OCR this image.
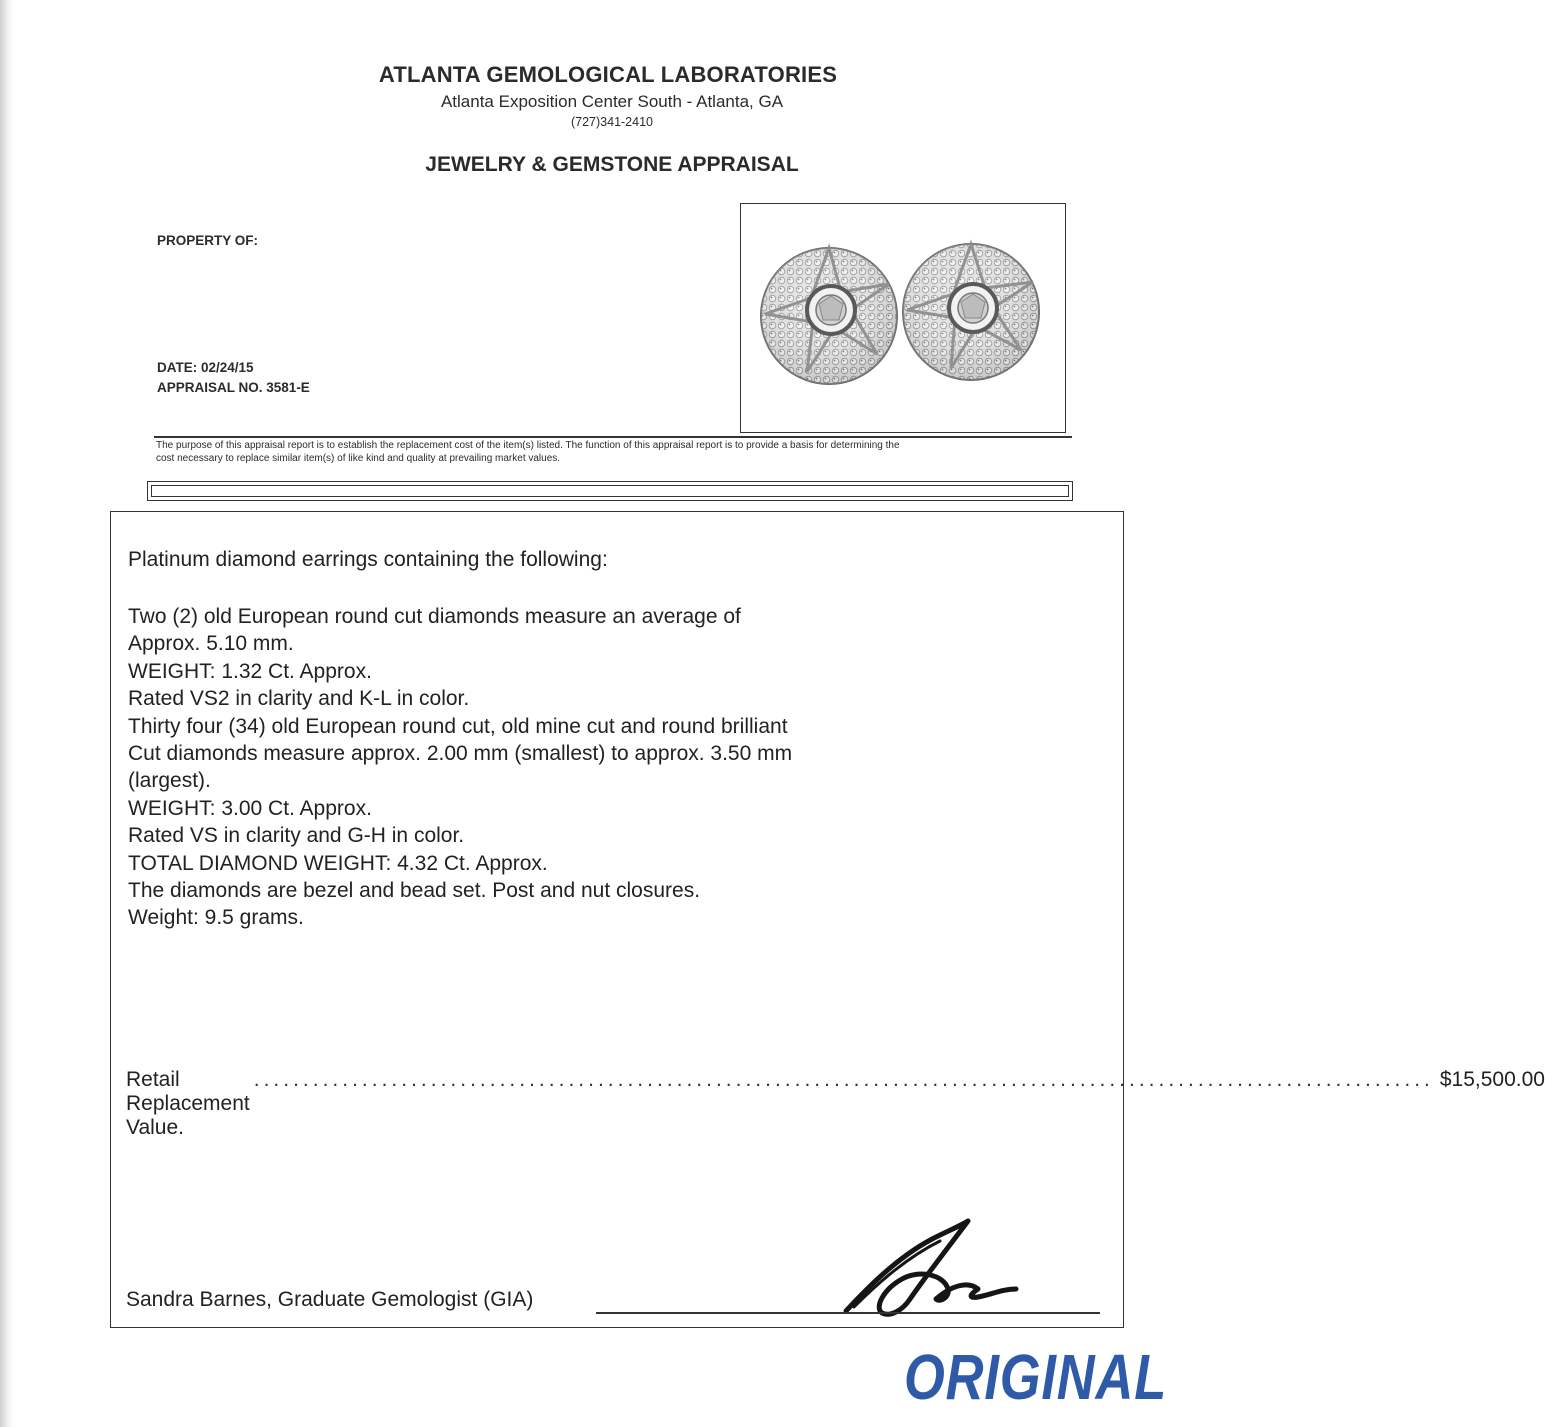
ATLANTA GEMOLOGICAL LABORATORIES
Atlanta Exposition Center South - Atlanta, GA
(727)341-2410
JEWELRY & GEMSTONE APPRAISAL
PROPERTY OF:
DATE: 02/24/15
APPRAISAL NO. 3581-E
The purpose of this appraisal report is to establish the replacement cost of the item(s) listed. The function of this appraisal report is to provide a basis for determining the
cost necessary to replace similar item(s) of like kind and quality at prevailing market values.
Platinum diamond earrings containing the following:
Two (2) old European round cut diamonds measure an average of
Approx. 5.10 mm.
WEIGHT: 1.32 Ct. Approx.
Rated VS2 in clarity and K-L in color.
Thirty four (34) old European round cut, old mine cut and round brilliant
Cut diamonds measure approx. 2.00 mm (smallest) to approx. 3.50 mm
(largest).
WEIGHT: 3.00 Ct. Approx.
Rated VS in clarity and G-H in color.
TOTAL DIAMOND WEIGHT: 4.32 Ct. Approx.
The diamonds are bezel and bead set. Post and nut closures.
Weight: 9.5 grams.
Retail Replacement Value.
........................................................................................................................ $15,500.00
Sandra Barnes, Graduate Gemologist (GIA)
ORIGINAL
